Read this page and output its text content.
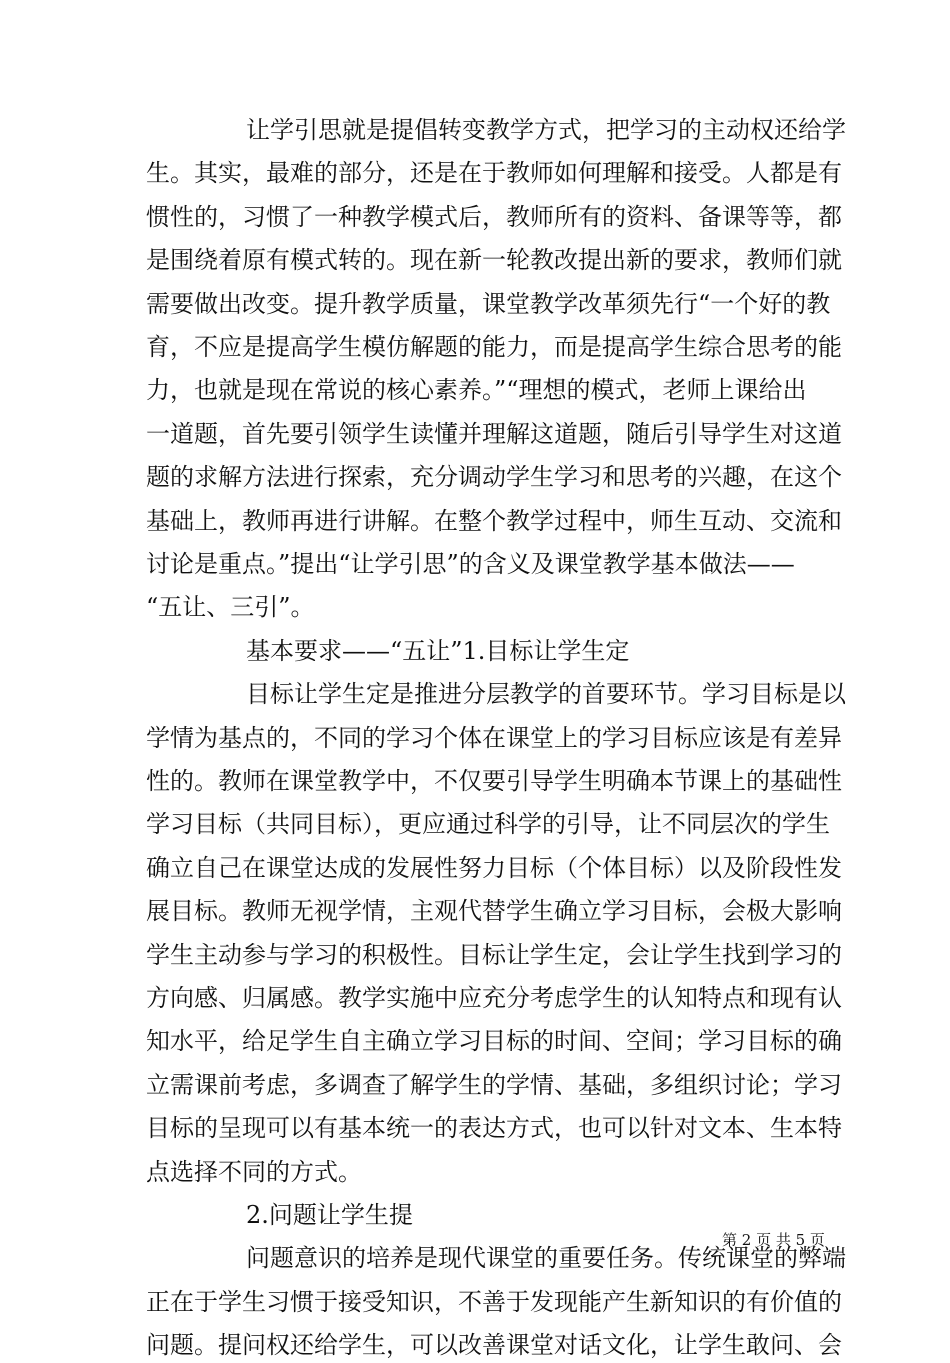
让学引思就是提倡转变教学方式，把学习的主动权还给学
生。其实，最难的部分，还是在于教师如何理解和接受。人都是有
惯性的，习惯了一种教学模式后，教师所有的资料、备课等等，都
是围绕着原有模式转的。现在新一轮教改提出新的要求，教师们就
需要做出改变。提升教学质量，课堂教学改革须先行“一个好的教
育，不应是提高学生模仿解题的能力，而是提高学生综合思考的能
力，也就是现在常说的核心素养。”“理想的模式，老师上课给出
一道题，首先要引领学生读懂并理解这道题，随后引导学生对这道
题的求解方法进行探索，充分调动学生学习和思考的兴趣，在这个
基础上，教师再进行讲解。在整个教学过程中，师生互动、交流和
讨论是重点。”提出“让学引思”的含义及课堂教学基本做法——
“五让、三引”。
基本要求——“五让”1.目标让学生定
目标让学生定是推进分层教学的首要环节。学习目标是以
学情为基点的，不同的学习个体在课堂上的学习目标应该是有差异
性的。教师在课堂教学中，不仅要引导学生明确本节课上的基础性
学习目标（共同目标），更应通过科学的引导，让不同层次的学生
确立自己在课堂达成的发展性努力目标（个体目标）以及阶段性发
展目标。教师无视学情，主观代替学生确立学习目标，会极大影响
学生主动参与学习的积极性。目标让学生定，会让学生找到学习的
方向感、归属感。教学实施中应充分考虑学生的认知特点和现有认
知水平，给足学生自主确立学习目标的时间、空间；学习目标的确
立需课前考虑，多调查了解学生的学情、基础，多组织讨论；学习
目标的呈现可以有基本统一的表达方式，也可以针对文本、生本特
点选择不同的方式。
2.问题让学生提
问题意识的培养是现代课堂的重要任务。传统课堂的弊端
正在于学生习惯于接受知识，不善于发现能产生新知识的有价值的
问题。提问权还给学生，可以改善课堂对话文化，让学生敢问、会
第 2 页 共 5 页
